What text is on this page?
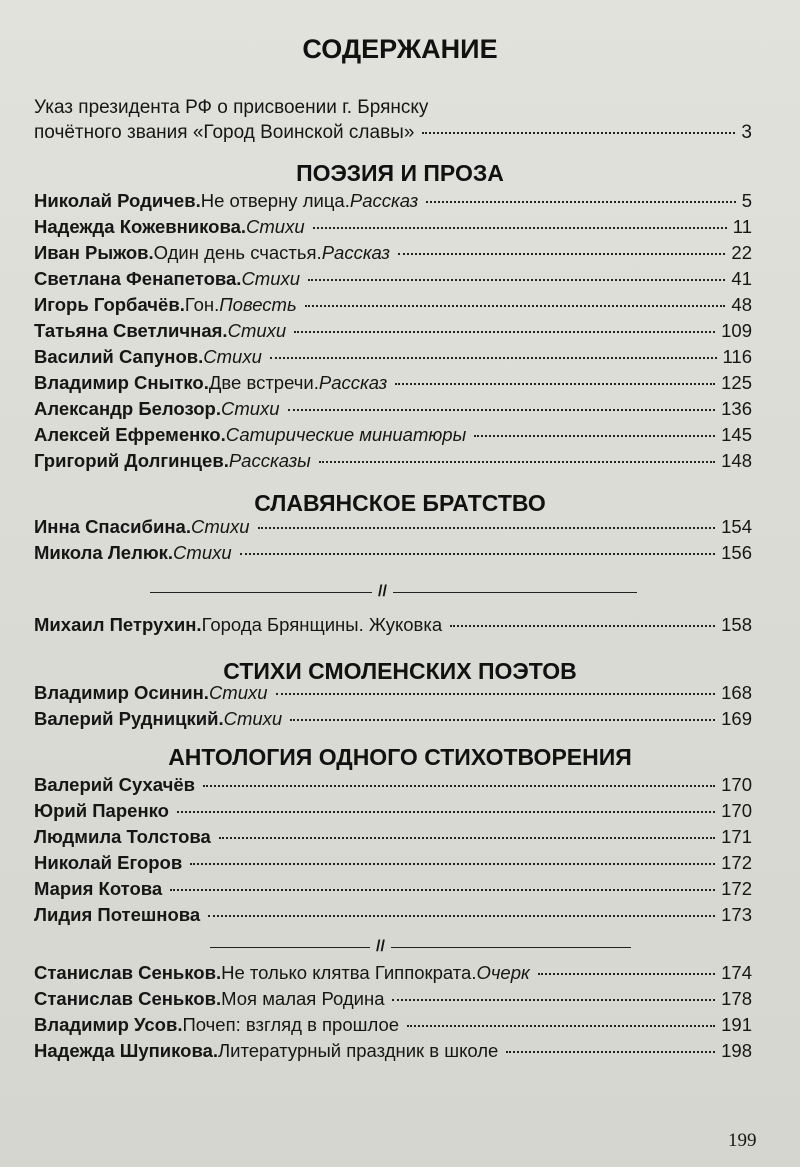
СОДЕРЖАНИЕ
Указ президента РФ о присвоении г. Брянску
почётного звания «Город Воинской славы»	3
ПОЭЗИЯ И ПРОЗА
СЛАВЯНСКОЕ БРАТСТВО
//
СТИХИ СМОЛЕНСКИХ ПОЭТОВ
АНТОЛОГИЯ ОДНОГО СТИХОТВОРЕНИЯ
//
199
Николай Родичев. Не отверну лица. Рассказ	5
Надежда Кожевникова. Стихи	11
Иван Рыжов. Один день счастья. Рассказ	22
Светлана Фенапетова. Стихи	41
Игорь Горбачёв. Гон. Повесть	48
Татьяна Светличная. Стихи	109
Василий Сапунов. Стихи	116
Владимир Снытко. Две встречи. Рассказ	125
Александр Белозор. Стихи	136
Алексей Ефременко. Сатирические миниатюры	145
Григорий Долгинцев. Рассказы	148
Инна Спасибина. Стихи	154
Микола Лелюк. Стихи	156
Михаил Петрухин. Города Брянщины. Жуковка	158
Владимир Осинин. Стихи	168
Валерий Рудницкий. Стихи	169
Валерий Сухачёв	170
Юрий Паренко	170
Людмила Толстова	171
Николай Егоров	172
Мария Котова	172
Лидия Потешнова	173
Станислав Сеньков. Не только клятва Гиппократа. Очерк	174
Станислав Сеньков. Моя малая Родина	178
Владимир Усов. Почеп: взгляд в прошлое	191
Надежда Шупикова. Литературный праздник в школе	198
